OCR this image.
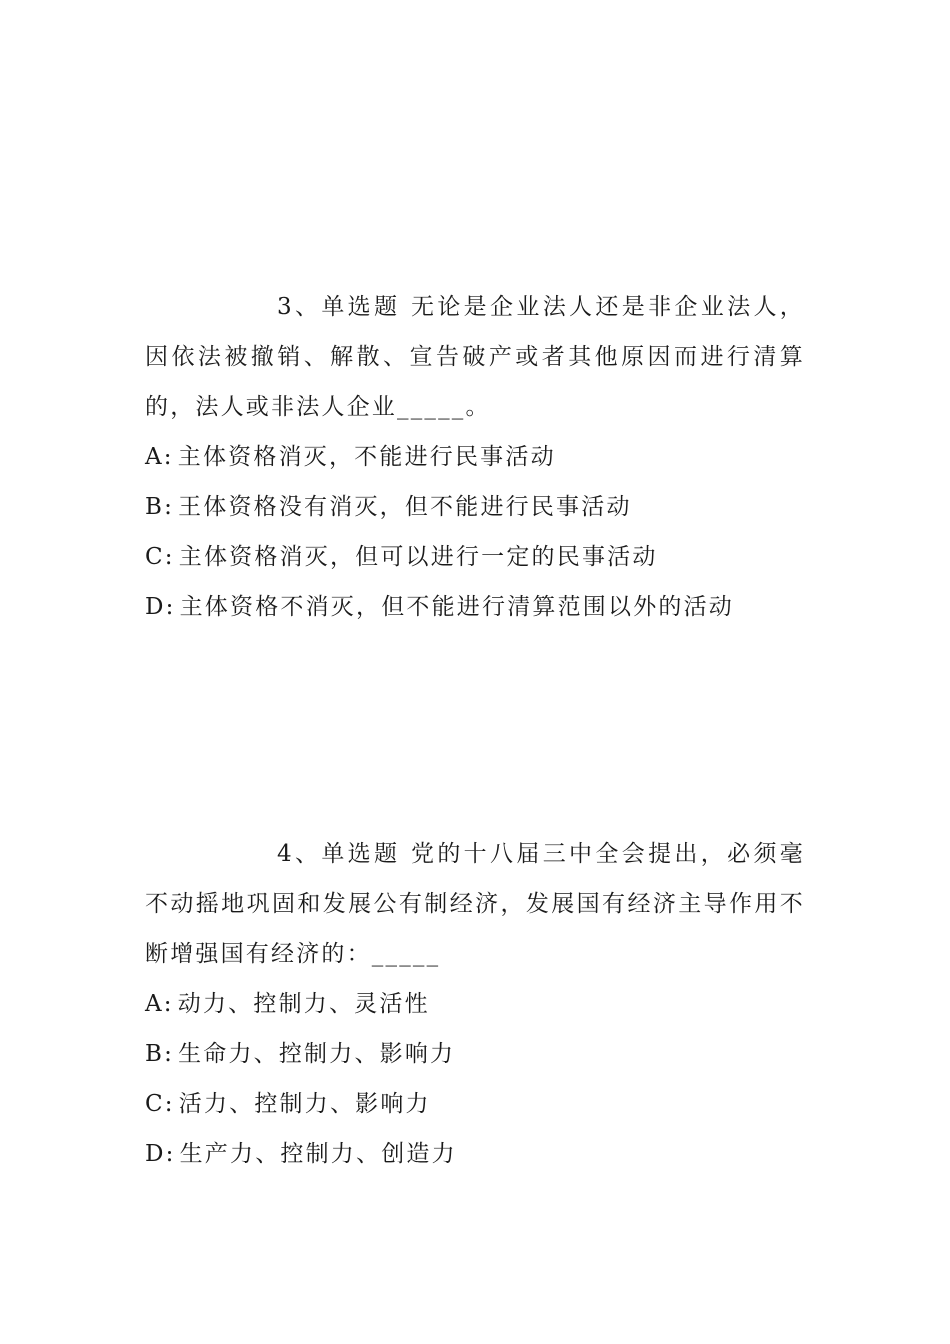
3、单选题 无论是企业法人还是非企业法人，因依法被撤销、解散、宣告破产或者其他原因而进行清算的，法人或非法人企业_____。

A: 主体资格消灭，不能进行民事活动
B: 王体资格没有消灭，但不能进行民事活动
C: 主体资格消灭，但可以进行一定的民事活动
D: 主体资格不消灭，但不能进行清算范围以外的活动

4、单选题 党的十八届三中全会提出，必须毫不动摇地巩固和发展公有制经济，发展国有经济主导作用不断增强国有经济的：_____

A: 动力、控制力、灵活性
B: 生命力、控制力、影响力
C: 活力、控制力、影响力
D: 生产力、控制力、创造力
